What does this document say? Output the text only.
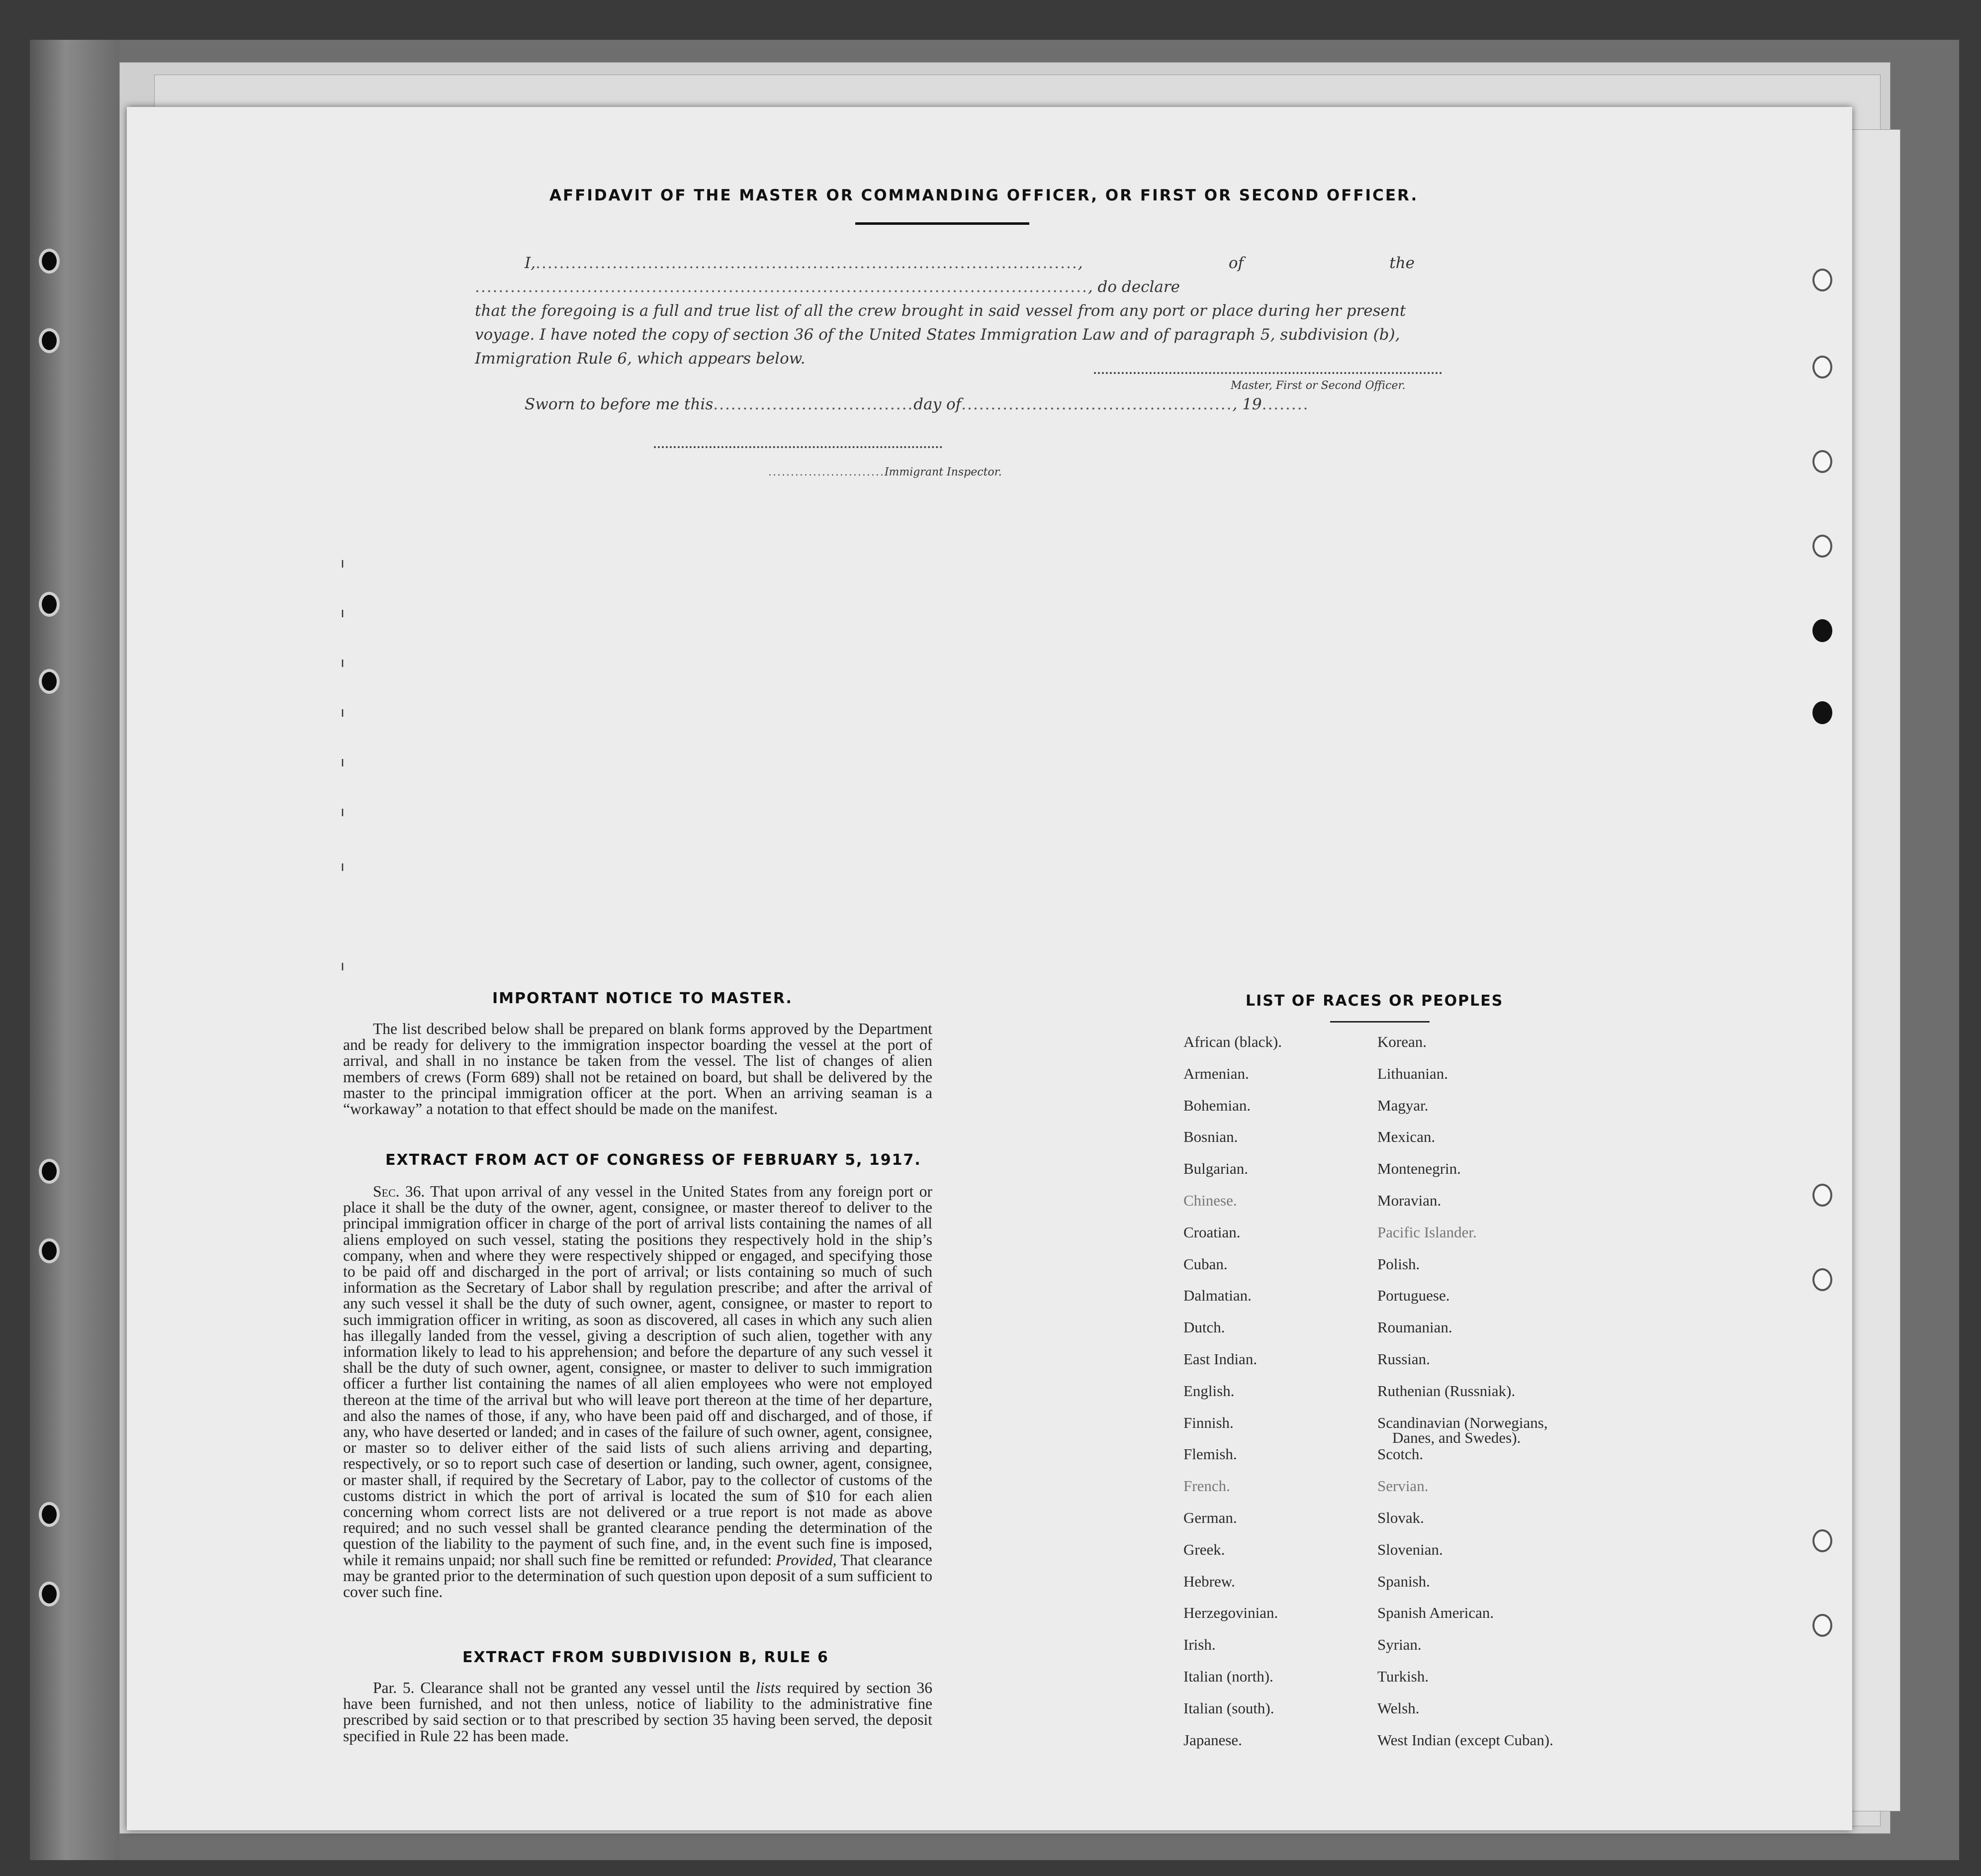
AFFIDAVIT OF THE MASTER OR COMMANDING OFFICER, OR FIRST OR SECOND OFFICER.

I,............................................................................................, of the ........................................................................................................, do declare

that the foregoing is a full and true list of all the crew brought in said vessel from any port or place during her present

voyage. I have noted the copy of section 36 of the United States Immigration Law and of paragraph 5, subdivision (b),

Immigration Rule 6, which appears below.

Master, First or Second Officer.
Sworn to before me this..................................day of.............................................., 19........
..........................Immigrant Inspector.
ı
ı
ı
ı
ı
ı
ı
ı
IMPORTANT NOTICE TO MASTER.
The list described below shall be prepared on blank forms approved by the Department and be ready for delivery to the immigration inspector boarding the vessel at the port of arrival, and shall in no instance be taken from the vessel. The list of changes of alien members of crews (Form 689) shall not be retained on board, but shall be delivered by the master to the principal immigration officer at the port. When an arriving seaman is a “workaway” a notation to that effect should be made on the manifest.
EXTRACT FROM ACT OF CONGRESS OF FEBRUARY 5, 1917.
Sec. 36. That upon arrival of any vessel in the United States from any foreign port or place it shall be the duty of the owner, agent, consignee, or master thereof to deliver to the principal immigration officer in charge of the port of arrival lists containing the names of all aliens employed on such vessel, stating the positions they respectively hold in the ship’s company, when and where they were respectively shipped or engaged, and specifying those to be paid off and discharged in the port of arrival; or lists containing so much of such information as the Secretary of Labor shall by regulation prescribe; and after the arrival of any such vessel it shall be the duty of such owner, agent, consignee, or master to report to such immigration officer in writing, as soon as discovered, all cases in which any such alien has illegally landed from the vessel, giving a description of such alien, together with any information likely to lead to his apprehension; and before the departure of any such vessel it shall be the duty of such owner, agent, consignee, or master to deliver to such immigration officer a further list containing the names of all alien employees who were not employed thereon at the time of the arrival but who will leave port thereon at the time of her departure, and also the names of those, if any, who have been paid off and discharged, and of those, if any, who have deserted or landed; and in cases of the failure of such owner, agent, consignee, or master so to deliver either of the said lists of such aliens arriving and departing, respectively, or so to report such case of desertion or landing, such owner, agent, consignee, or master shall, if required by the Secretary of Labor, pay to the collector of customs of the customs district in which the port of arrival is located the sum of $10 for each alien concerning whom correct lists are not delivered or a true report is not made as above required; and no such vessel shall be granted clearance pending the determination of the question of the liability to the payment of such fine, and, in the event such fine is imposed, while it remains unpaid; nor shall such fine be remitted or refunded: Provided, That clearance may be granted prior to the determination of such question upon deposit of a sum sufficient to cover such fine.
EXTRACT FROM SUBDIVISION B, RULE 6
Par. 5. Clearance shall not be granted any vessel until the lists required by section 36 have been furnished, and not then unless, notice of liability to the administrative fine prescribed by said section or to that prescribed by section 35 having been served, the deposit specified in Rule 22 has been made.
LIST OF RACES OR PEOPLES
African (black).
Armenian.
Bohemian.
Bosnian.
Bulgarian.
Chinese.
Croatian.
Cuban.
Dalmatian.
Dutch.
East Indian.
English.
Finnish.
Flemish.
French.
German.
Greek.
Hebrew.
Herzegovinian.
Irish.
Italian (north).
Italian (south).
Japanese.
Korean.
Lithuanian.
Magyar.
Mexican.
Montenegrin.
Moravian.
Pacific Islander.
Polish.
Portuguese.
Roumanian.
Russian.
Ruthenian (Russniak).
Scandinavian (Norwegians,
Scotch.
Servian.
Slovak.
Slovenian.
Spanish.
Spanish American.
Syrian.
Turkish.
Welsh.
West Indian (except Cuban).
Danes, and Swedes).
